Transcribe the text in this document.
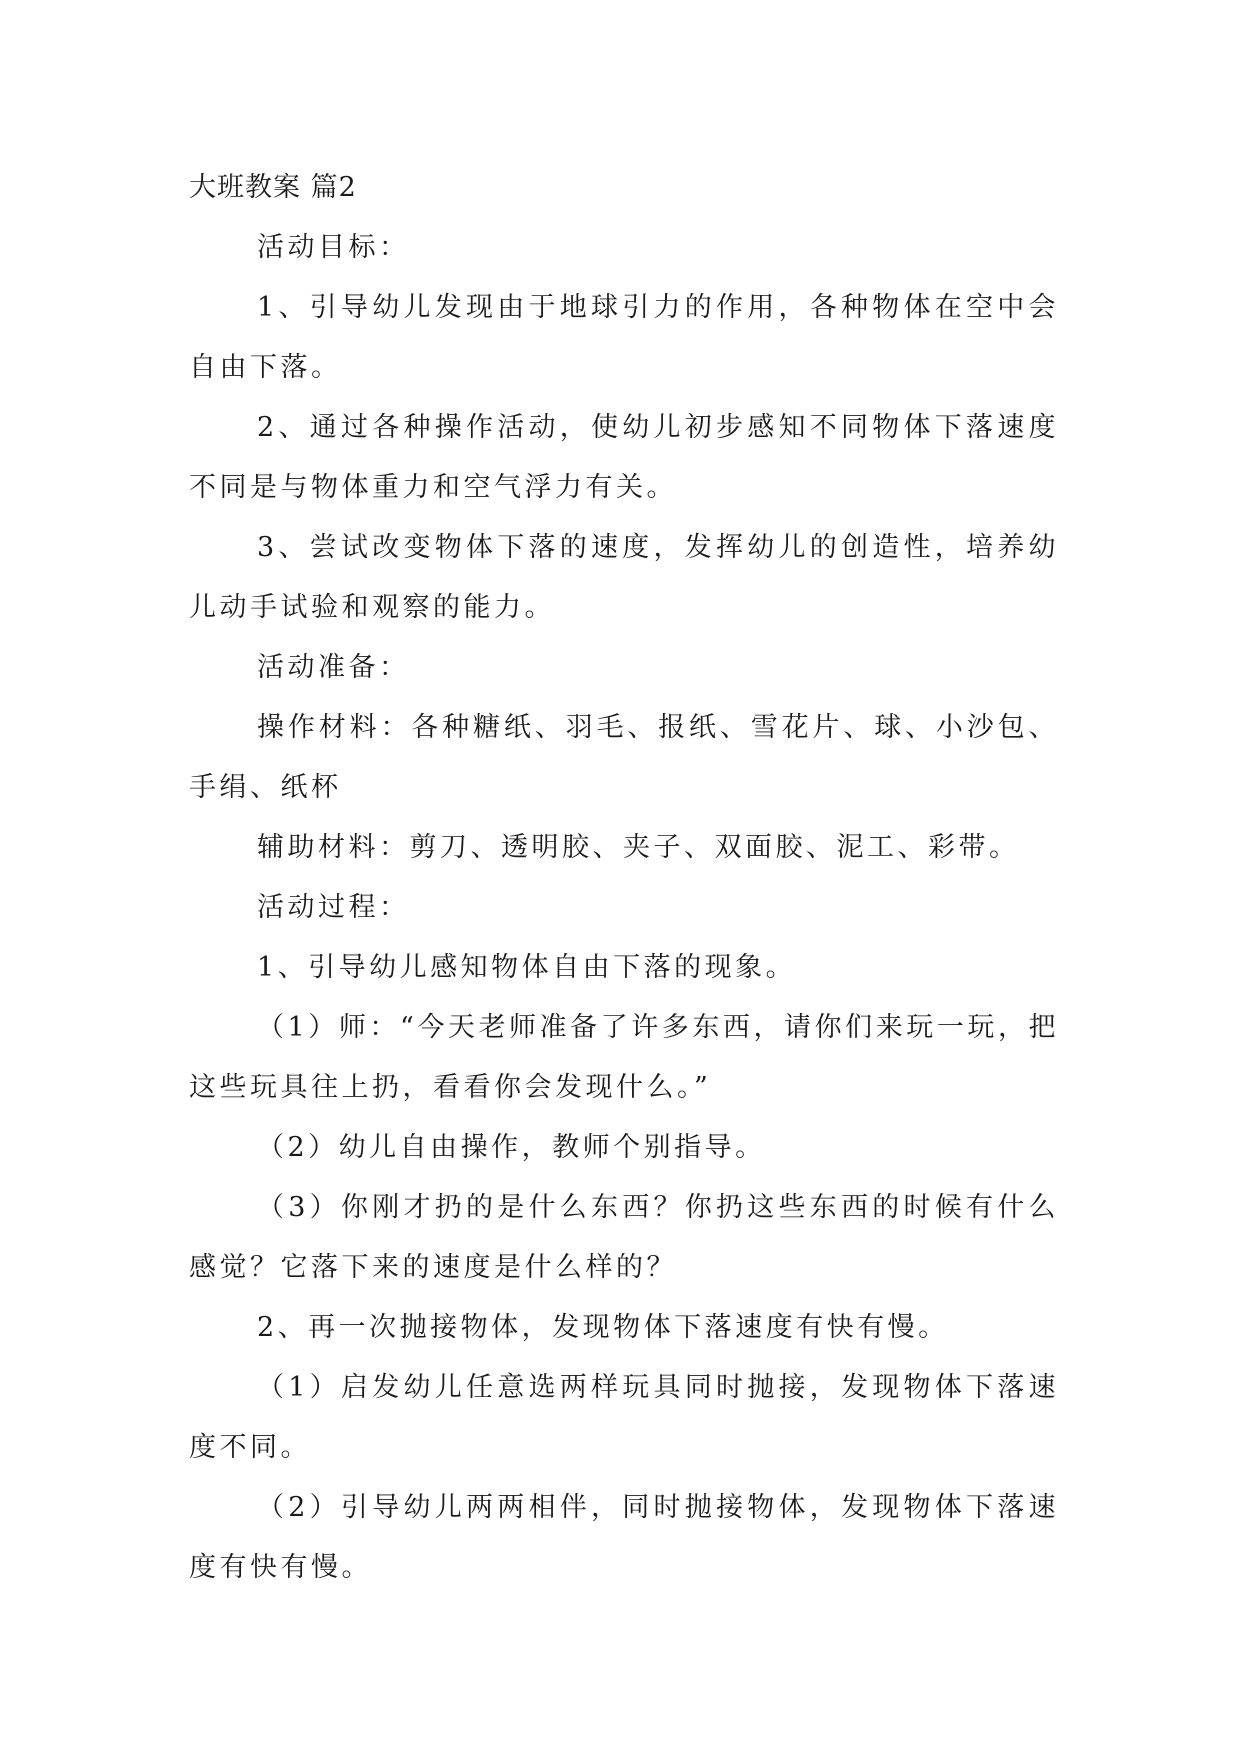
大班教案 篇2

活动目标：

1、引导幼儿发现由于地球引力的作用，各种物体在空中会自由下落。

2、通过各种操作活动，使幼儿初步感知不同物体下落速度不同是与物体重力和空气浮力有关。

3、尝试改变物体下落的速度，发挥幼儿的创造性，培养幼儿动手试验和观察的能力。

活动准备：

操作材料：各种糖纸、羽毛、报纸、雪花片、球、小沙包、手绢、纸杯

辅助材料：剪刀、透明胶、夹子、双面胶、泥工、彩带。

活动过程：

1、引导幼儿感知物体自由下落的现象。

（1）师：“今天老师准备了许多东西，请你们来玩一玩，把这些玩具往上扔，看看你会发现什么。”

（2）幼儿自由操作，教师个别指导。

（3）你刚才扔的是什么东西？你扔这些东西的时候有什么感觉？它落下来的速度是什么样的？

2、再一次抛接物体，发现物体下落速度有快有慢。

（1）启发幼儿任意选两样玩具同时抛接，发现物体下落速度不同。

（2）引导幼儿两两相伴，同时抛接物体，发现物体下落速度有快有慢。
